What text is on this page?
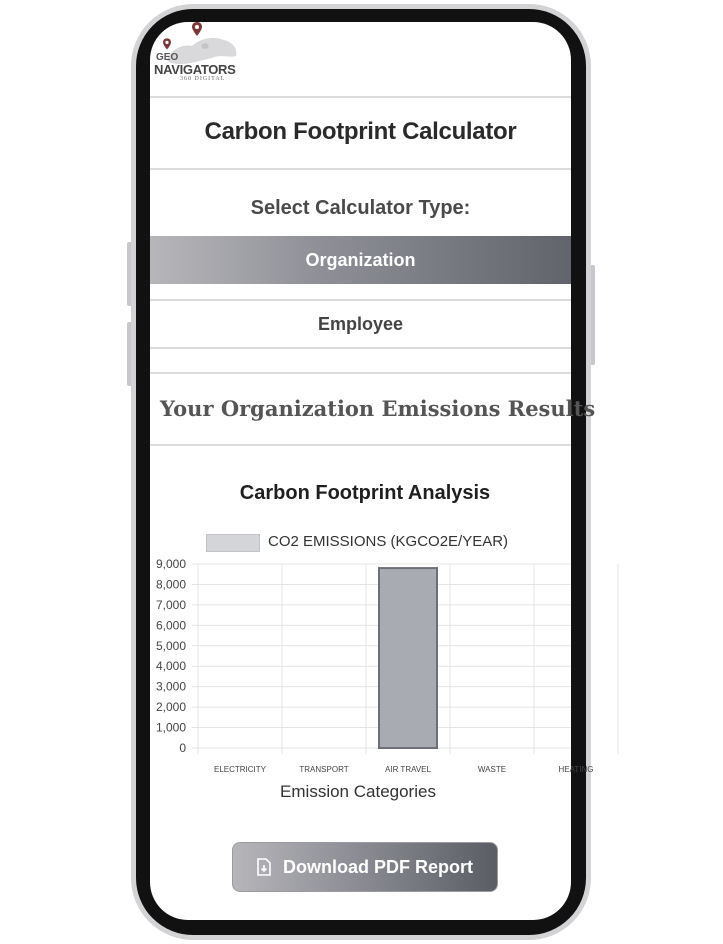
GEO
NAVIGATORS
360 DIGITAL
Carbon Footprint Calculator
Select Calculator Type:
Organization
Employee
Your Organization Emissions Results
Carbon Footprint Analysis
CO2 EMISSIONS (KGCO2E/YEAR)
0
1,000
2,000
3,000
4,000
5,000
6,000
7,000
8,000
9,000
ELECTRICITY	TRANSPORT	AIR TRAVEL	WASTE	HEATING
Emission Categories
Download PDF Report
